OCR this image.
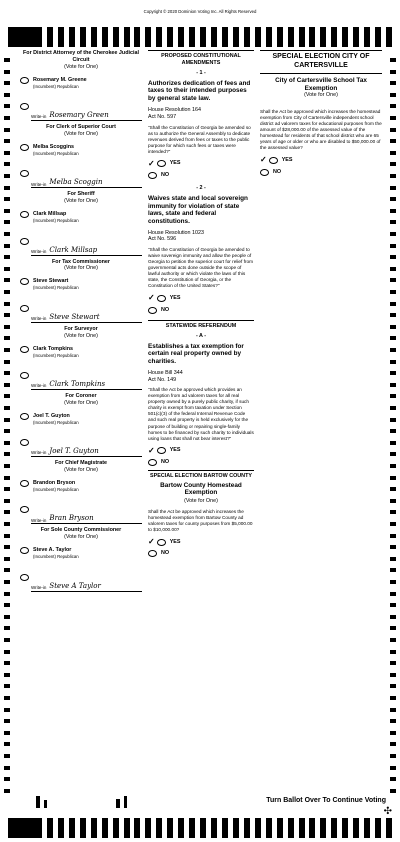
Copyright © 2020 Dominion Voting Inc. All Rights Reserved
For District Attorney of the Cherokee Judicial Circuit
(Vote for One)
Rosemary M. Greene
(Incumbent) Republican
Write-in Rosemary Green
For Clerk of Superior Court
(Vote for One)
Melba Scoggins
(Incumbent) Republican
Write-in Melba Scoggin
For Sheriff
(Vote for One)
Clark Millsap
(Incumbent) Republican
Write-in Clark Millsap
For Tax Commissioner
(Vote for One)
Steve Stewart
(Incumbent) Republican
Write-in Steve Stewart
For Surveyor
(Vote for One)
Clark Tompkins
(Incumbent) Republican
Write-in Clark Tompkins
For Coroner
(Vote for One)
Joel T. Guyton
(Incumbent) Republican
Write-in Joel T. Guyton
For Chief Magistrate
(Vote for One)
Brandon Bryson
(Incumbent) Republican
Write-in Bran Bryson
For Sole County Commissioner
(Vote for One)
Steve A. Taylor
(Incumbent) Republican
Write-in Steve A Taylor
PROPOSED CONSTITUTIONAL AMENDMENTS
- 1 -
Authorizes dedication of fees and taxes to their intended purposes by general state law.
House Resolution 164
Act No. 597
"Shall the Constitution of Georgia be amended so as to authorize the General Assembly to dedicate revenues derived from fees or taxes to the public purpose for which such fees or taxes were intended?"
✓	YES
NO
- 2 -
Waives state and local sovereign immunity for violation of state laws, state and federal constitutions.
House Resolution 1023
Act No. 596
"Shall the Constitution of Georgia be amended to waive sovereign immunity and allow the people of Georgia to petition the superior court for relief from governmental acts done outside the scope of lawful authority or which violate the laws of this state, the Constitution of Georgia, or the Constitution of the United States?"
✓	YES
NO
STATEWIDE REFERENDUM
- A -
Establishes a tax exemption for certain real property owned by charities.
House Bill 344
Act No. 149
"Shall the Act be approved which provides an exemption from ad valorem taxes for all real property owned by a purely public charity, if such charity is exempt from taxation under Section 501(c)(3) of the federal Internal Revenue Code and such real property is held exclusively for the purpose of building or repairing single-family homes to be financed by such charity to individuals using loans that shall not bear interest?"
✓	YES
NO
SPECIAL ELECTION BARTOW COUNTY
Bartow County Homestead Exemption
(Vote for One)
Shall the Act be approved which increases the homestead exemption from Bartow County ad valorem taxes for county purposes from $5,000.00 to $10,000.00?
✓	YES
NO
SPECIAL ELECTION CITY OF CARTERSVILLE
City of Cartersville School Tax Exemption
(Vote for One)
Shall the Act be approved which increases the homestead exemption from City of Cartersville independent school district ad valorem taxes for educational purposes from the amount of $28,000.00 of the assessed value of the homestead for residents of that school district who are 65 years of age or older or who are disabled to $50,000.00 of the assessed value?
✓	YES
NO
Turn Ballot Over To Continue Voting
✣
